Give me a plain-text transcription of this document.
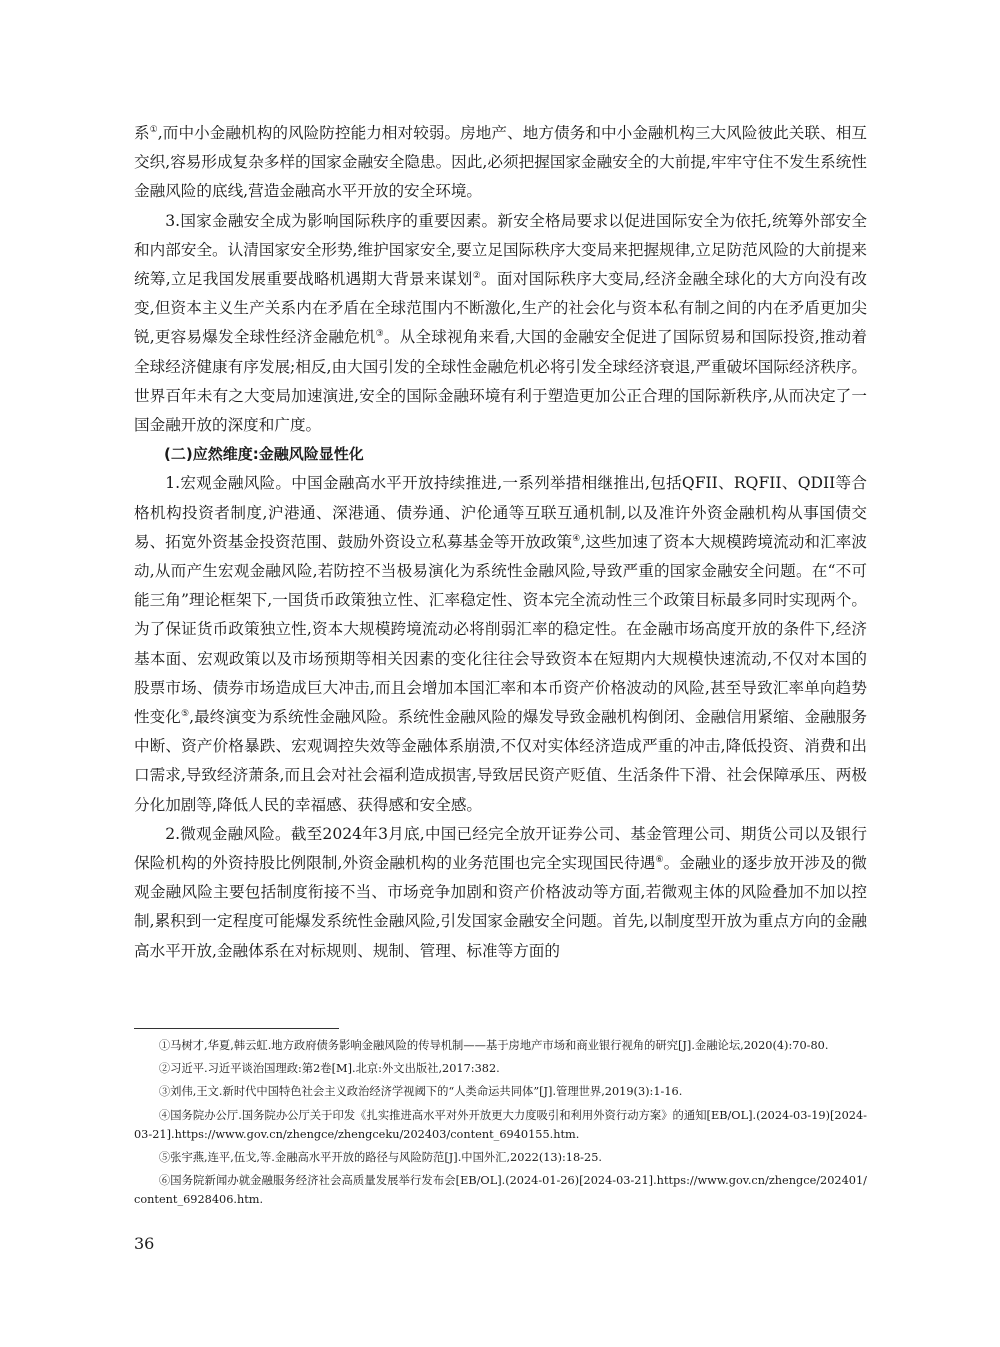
系①,而中小金融机构的风险防控能力相对较弱。房地产、地方债务和中小金融机构三大风险彼此关联、相互交织,容易形成复杂多样的国家金融安全隐患。因此,必须把握国家金融安全的大前提,牢牢守住不发生系统性金融风险的底线,营造金融高水平开放的安全环境。

3.国家金融安全成为影响国际秩序的重要因素。新安全格局要求以促进国际安全为依托,统筹外部安全和内部安全。认清国家安全形势,维护国家安全,要立足国际秩序大变局来把握规律,立足防范风险的大前提来统筹,立足我国发展重要战略机遇期大背景来谋划②。面对国际秩序大变局,经济金融全球化的大方向没有改变,但资本主义生产关系内在矛盾在全球范围内不断激化,生产的社会化与资本私有制之间的内在矛盾更加尖锐,更容易爆发全球性经济金融危机③。从全球视角来看,大国的金融安全促进了国际贸易和国际投资,推动着全球经济健康有序发展;相反,由大国引发的全球性金融危机必将引发全球经济衰退,严重破坏国际经济秩序。世界百年未有之大变局加速演进,安全的国际金融环境有利于塑造更加公正合理的国际新秩序,从而决定了一国金融开放的深度和广度。

(二)应然维度:金融风险显性化

1.宏观金融风险。中国金融高水平开放持续推进,一系列举措相继推出,包括QFII、RQFII、QDII等合格机构投资者制度,沪港通、深港通、债券通、沪伦通等互联互通机制,以及准许外资金融机构从事国债交易、拓宽外资基金投资范围、鼓励外资设立私募基金等开放政策④,这些加速了资本大规模跨境流动和汇率波动,从而产生宏观金融风险,若防控不当极易演化为系统性金融风险,导致严重的国家金融安全问题。在“不可能三角”理论框架下,一国货币政策独立性、汇率稳定性、资本完全流动性三个政策目标最多同时实现两个。为了保证货币政策独立性,资本大规模跨境流动必将削弱汇率的稳定性。在金融市场高度开放的条件下,经济基本面、宏观政策以及市场预期等相关因素的变化往往会导致资本在短期内大规模快速流动,不仅对本国的股票市场、债券市场造成巨大冲击,而且会增加本国汇率和本币资产价格波动的风险,甚至导致汇率单向趋势性变化⑤,最终演变为系统性金融风险。系统性金融风险的爆发导致金融机构倒闭、金融信用紧缩、金融服务中断、资产价格暴跌、宏观调控失效等金融体系崩溃,不仅对实体经济造成严重的冲击,降低投资、消费和出口需求,导致经济萧条,而且会对社会福利造成损害,导致居民资产贬值、生活条件下滑、社会保障承压、两极分化加剧等,降低人民的幸福感、获得感和安全感。

2.微观金融风险。截至2024年3月底,中国已经完全放开证券公司、基金管理公司、期货公司以及银行保险机构的外资持股比例限制,外资金融机构的业务范围也完全实现国民待遇⑥。金融业的逐步放开涉及的微观金融风险主要包括制度衔接不当、市场竞争加剧和资产价格波动等方面,若微观主体的风险叠加不加以控制,累积到一定程度可能爆发系统性金融风险,引发国家金融安全问题。首先,以制度型开放为重点方向的金融高水平开放,金融体系在对标规则、规制、管理、标准等方面的

①马树才,华夏,韩云虹.地方政府债务影响金融风险的传导机制——基于房地产市场和商业银行视角的研究[J].金融论坛,2020(4):70-80.

②习近平.习近平谈治国理政:第2卷[M].北京:外文出版社,2017:382.

③刘伟,王文.新时代中国特色社会主义政治经济学视阈下的“人类命运共同体”[J].管理世界,2019(3):1-16.

④国务院办公厅.国务院办公厅关于印发《扎实推进高水平对外开放更大力度吸引和利用外资行动方案》的通知[EB/OL].(2024-03-19)[2024-03-21].https://www.gov.cn/zhengce/zhengceku/202403/content_6940155.htm.

⑤张宇燕,连平,伍戈,等.金融高水平开放的路径与风险防范[J].中国外汇,2022(13):18-25.

⑥国务院新闻办就金融服务经济社会高质量发展举行发布会[EB/OL].(2024-01-26)[2024-03-21].https://www.gov.cn/zhengce/202401/content_6928406.htm.

36
